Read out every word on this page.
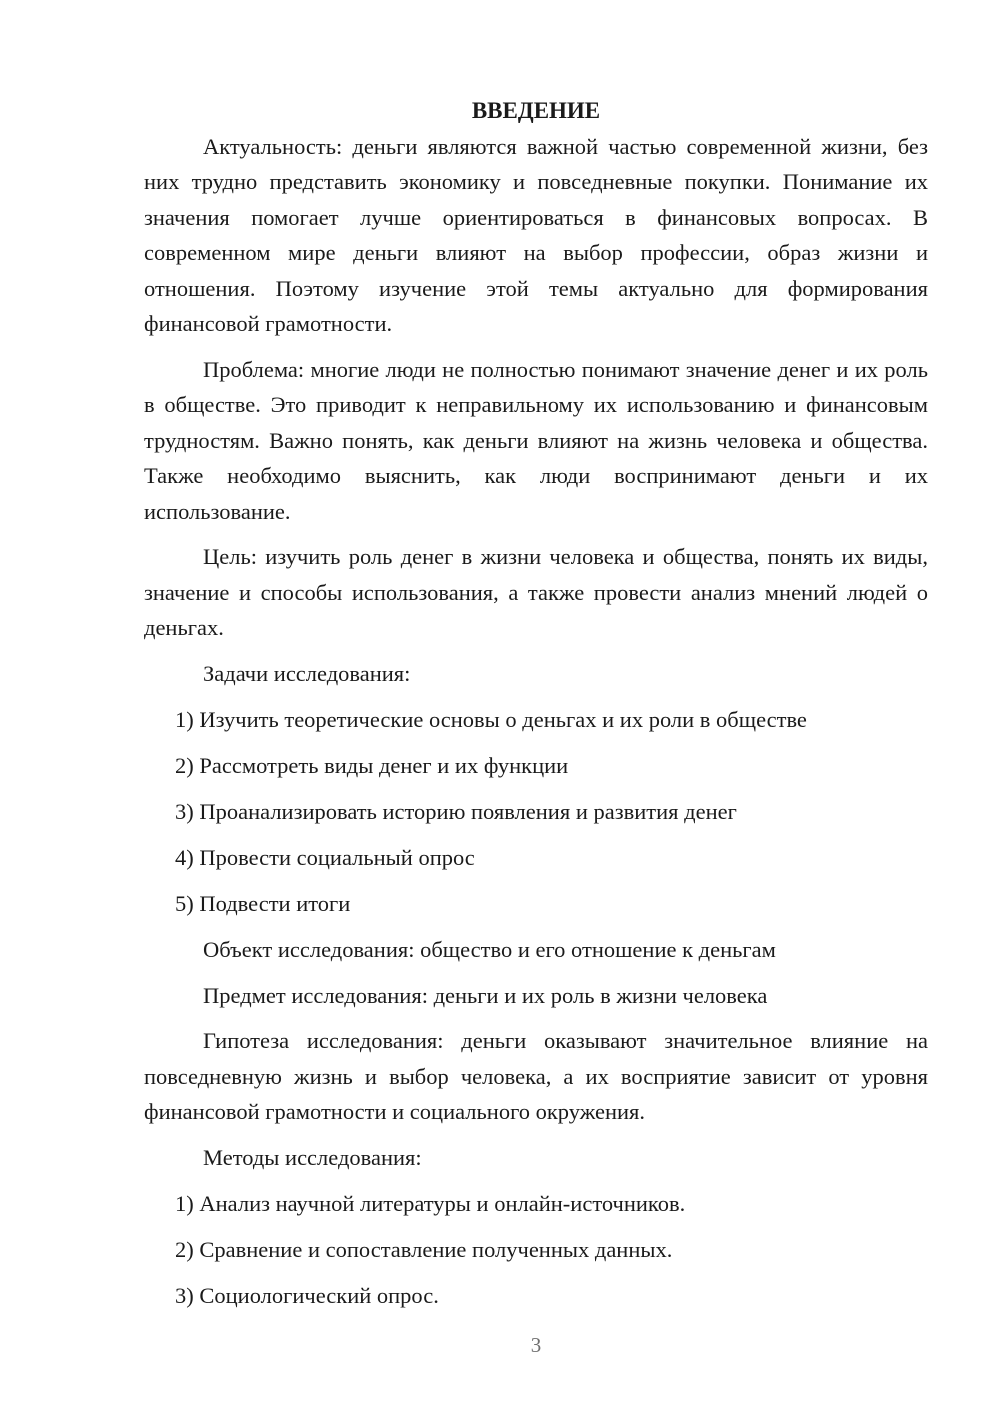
ВВЕДЕНИЕ

Актуальность: деньги являются важной частью современной жизни, без них трудно представить экономику и повседневные покупки. Понимание их значения помогает лучше ориентироваться в финансовых вопросах. В современном мире деньги влияют на выбор профессии, образ жизни и отношения. Поэтому изучение этой темы актуально для формирования финансовой грамотности.

Проблема: многие люди не полностью понимают значение денег и их роль в обществе. Это приводит к неправильному их использованию и финансовым трудностям. Важно понять, как деньги влияют на жизнь человека и общества. Также необходимо выяснить, как люди воспринимают деньги и их использование.

Цель: изучить роль денег в жизни человека и общества, понять их виды, значение и способы использования, а также провести анализ мнений людей о деньгах.

Задачи исследования:

1) Изучить теоретические основы о деньгах и их роли в обществе

2) Рассмотреть виды денег и их функции

3) Проанализировать историю появления и развития денег

4) Провести социальный опрос

5) Подвести итоги

Объект исследования: общество и его отношение к деньгам

Предмет исследования: деньги и их роль в жизни человека

Гипотеза исследования: деньги оказывают значительное влияние на повседневную жизнь и выбор человека, а их восприятие зависит от уровня финансовой грамотности и социального окружения.

Методы исследования:

1) Анализ научной литературы и онлайн-источников.

2) Сравнение и сопоставление полученных данных.

3) Социологический опрос.

3
